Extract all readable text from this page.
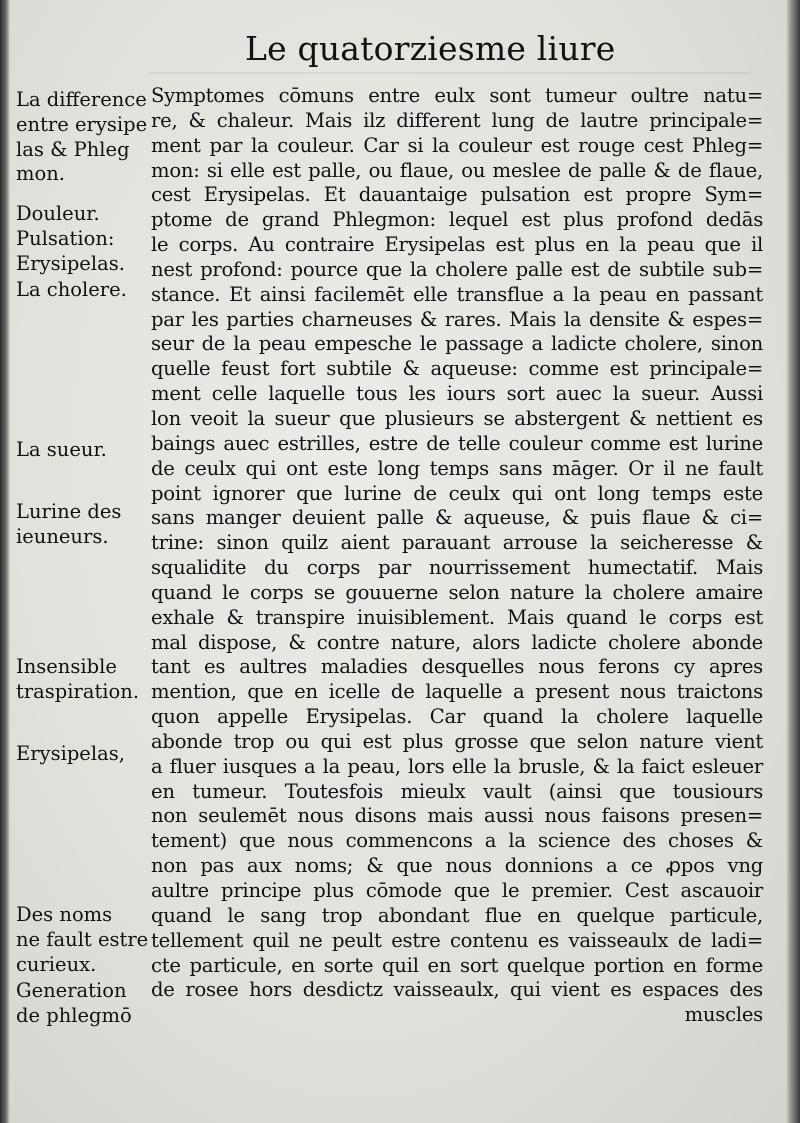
Le quatorziesme liure
La difference
entre erysipe
las & Phleg
mon.
Douleur.
Pulsation:
Erysipelas.
La cholere.
La sueur.
Lurine des
ieuneurs.
Insensible
traspiration.
Erysipelas,
Des noms
ne fault estre
curieux.
Generation
de phlegmō
Symptomes cōmuns entre eulx sont tumeur oultre natu=
re, & chaleur. Mais ilz different lung de lautre principale=
ment par la couleur. Car si la couleur est rouge cest Phleg=
mon: si elle est palle, ou flaue, ou meslee de palle & de flaue,
cest Erysipelas. Et dauantaige pulsation est propre Sym=
ptome de grand Phlegmon: lequel est plus profond dedās
le corps. Au contraire Erysipelas est plus en la peau que il
nest profond: pource que la cholere palle est de subtile sub=
stance. Et ainsi facilemēt elle transflue a la peau en passant
par les parties charneuses & rares. Mais la densite & espes=
seur de la peau empesche le passage a ladicte cholere, sinon
quelle feust fort subtile & aqueuse: comme est principale=
ment celle laquelle tous les iours sort auec la sueur. Aussi
lon veoit la sueur que plusieurs se abstergent & nettient es
baings auec estrilles, estre de telle couleur comme est lurine
de ceulx qui ont este long temps sans māger. Or il ne fault
point ignorer que lurine de ceulx qui ont long temps este
sans manger deuient palle & aqueuse, & puis flaue & ci=
trine: sinon quilz aient parauant arrouse la seicheresse &
squalidite du corps par nourrissement humectatif. Mais
quand le corps se gouuerne selon nature la cholere amaire
exhale & transpire inuisiblement. Mais quand le corps est
mal dispose, & contre nature, alors ladicte cholere abonde
tant es aultres maladies desquelles nous ferons cy apres
mention, que en icelle de laquelle a present nous traictons
quon appelle Erysipelas. Car quand la cholere laquelle
abonde trop ou qui est plus grosse que selon nature vient
a fluer iusques a la peau, lors elle la brusle, & la faict esleuer
en tumeur. Toutesfois mieulx vault (ainsi que tousiours
non seulemēt nous disons mais aussi nous faisons presen=
tement) que nous commencons a la science des choses &
non pas aux noms; & que nous donnions a ce ꝓpos vng
aultre principe plus cōmode que le premier. Cest ascauoir
quand le sang trop abondant flue en quelque particule,
tellement quil ne peult estre contenu es vaisseaulx de ladi=
cte particule, en sorte quil en sort quelque portion en forme
de rosee hors desdictz vaisseaulx, qui vient es espaces des
muscles
